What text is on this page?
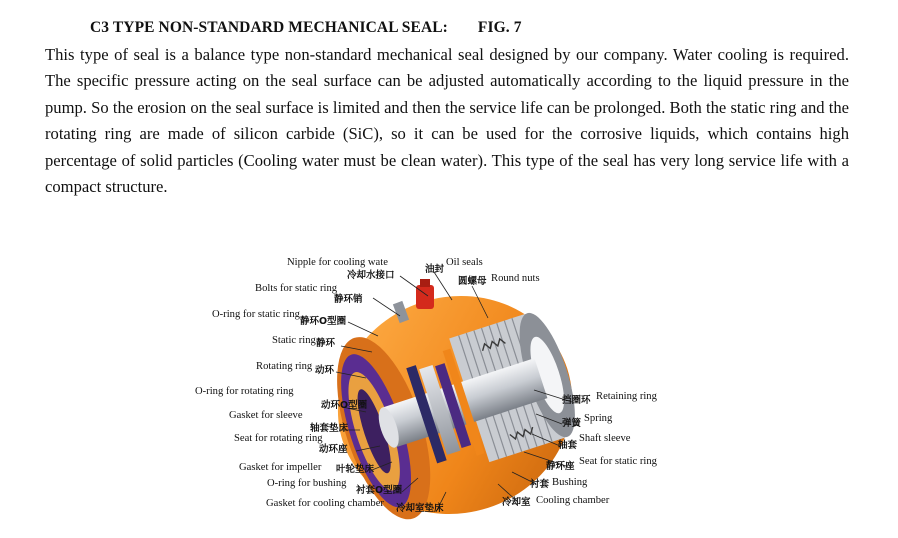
C3 TYPE NON-STANDARD MECHANICAL SEAL: FIG. 7
This type of seal is a balance type non-standard mechanical seal designed by our company. Water cooling is required. The specific pressure acting on the seal surface can be adjusted automatically according to the liquid pressure in the pump. So the erosion on the seal surface is limited and then the service life can be prolonged. Both the static ring and the rotating ring are made of silicon carbide (SiC), so it can be used for the corrosive liquids, which contains high percentage of solid particles (Cooling water must be clean water). This type of the seal has very long service life with a compact structure.
Nipple for cooling wate
冷却水接口
Bolts for static ring
静环销
O-ring for static ring
静环O型圈
Static ring 静环
Rotating ring 动环
O-ring for rotating ring
动环O型圈
Gasket for sleeve
轴套垫床
Seat for rotating ring
动环座
Gasket for impeller 叶轮垫床
O-ring for bushing
衬套O型圈
Gasket for cooling chamber 冷却室垫床
油封
Oil seals
圆螺母 Round nuts
挡圈环 Retaining ring
弹簧 Spring
轴套
Shaft sleeve
静环座 Seat for static ring
衬套 Bushing
冷却室 Cooling chamber
